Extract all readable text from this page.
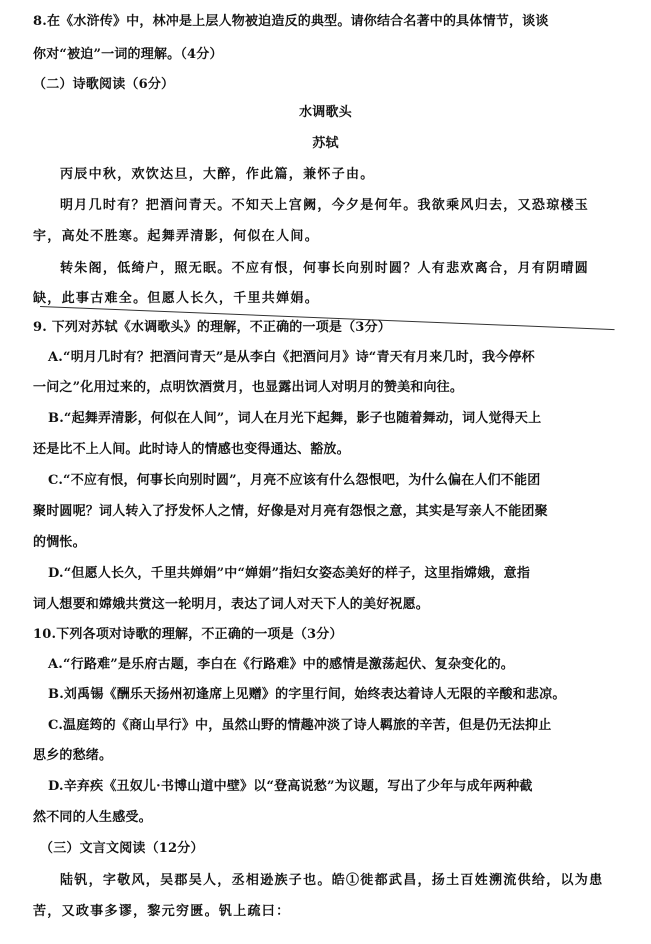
8.在《水浒传》中，林冲是上层人物被迫造反的典型。请你结合名著中的具体情节，谈谈
你对“被迫”一词的理解。（4分）
（二）诗歌阅读（6分）
水调歌头
苏轼
丙辰中秋，欢饮达旦，大醉，作此篇，兼怀子由。
明月几时有？把酒问青天。不知天上宫阙，今夕是何年。我欲乘风归去，又恐琼楼玉
宇，高处不胜寒。起舞弄清影，何似在人间。
转朱阁，低绮户，照无眠。不应有恨，何事长向别时圆？人有悲欢离合，月有阴晴圆
缺，此事古难全。但愿人长久，千里共婵娟。
9. 下列对苏轼《水调歌头》的理解，不正确的一项是（3分）
A.“明月几时有？把酒问青天”是从李白《把酒问月》诗“青天有月来几时，我今停杯
一问之”化用过来的，点明饮酒赏月，也显露出词人对明月的赞美和向往。
B.“起舞弄清影，何似在人间”，词人在月光下起舞，影子也随着舞动，词人觉得天上
还是比不上人间。此时诗人的情感也变得通达、豁放。
C.“不应有恨，何事长向别时圆”，月亮不应该有什么怨恨吧，为什么偏在人们不能团
聚时圆呢？词人转入了抒发怀人之情，好像是对月亮有怨恨之意，其实是写亲人不能团聚
的惆怅。
D.“但愿人长久，千里共婵娟”中“婵娟”指妇女姿态美好的样子，这里指嫦娥，意指
词人想要和嫦娥共赏这一轮明月，表达了词人对天下人的美好祝愿。
10.下列各项对诗歌的理解，不正确的一项是（3分）
A.“行路难”是乐府古题，李白在《行路难》中的感情是激荡起伏、复杂变化的。
B.刘禹锡《酬乐天扬州初逢席上见赠》的字里行间，始终表达着诗人无限的辛酸和悲凉。
C.温庭筠的《商山早行》中，虽然山野的情趣冲淡了诗人羁旅的辛苦，但是仍无法抑止
思乡的愁绪。
D.辛弃疾《丑奴儿·书博山道中壁》以“登高说愁”为议题，写出了少年与成年两种截
然不同的人生感受。
（三）文言文阅读（12分）
陆钒，字敬风，吴郡吴人，丞相逊族子也。皓①徙都武昌，扬土百姓溯流供给，以为患
苦，又政事多谬，黎元穷匮。钒上疏曰：
